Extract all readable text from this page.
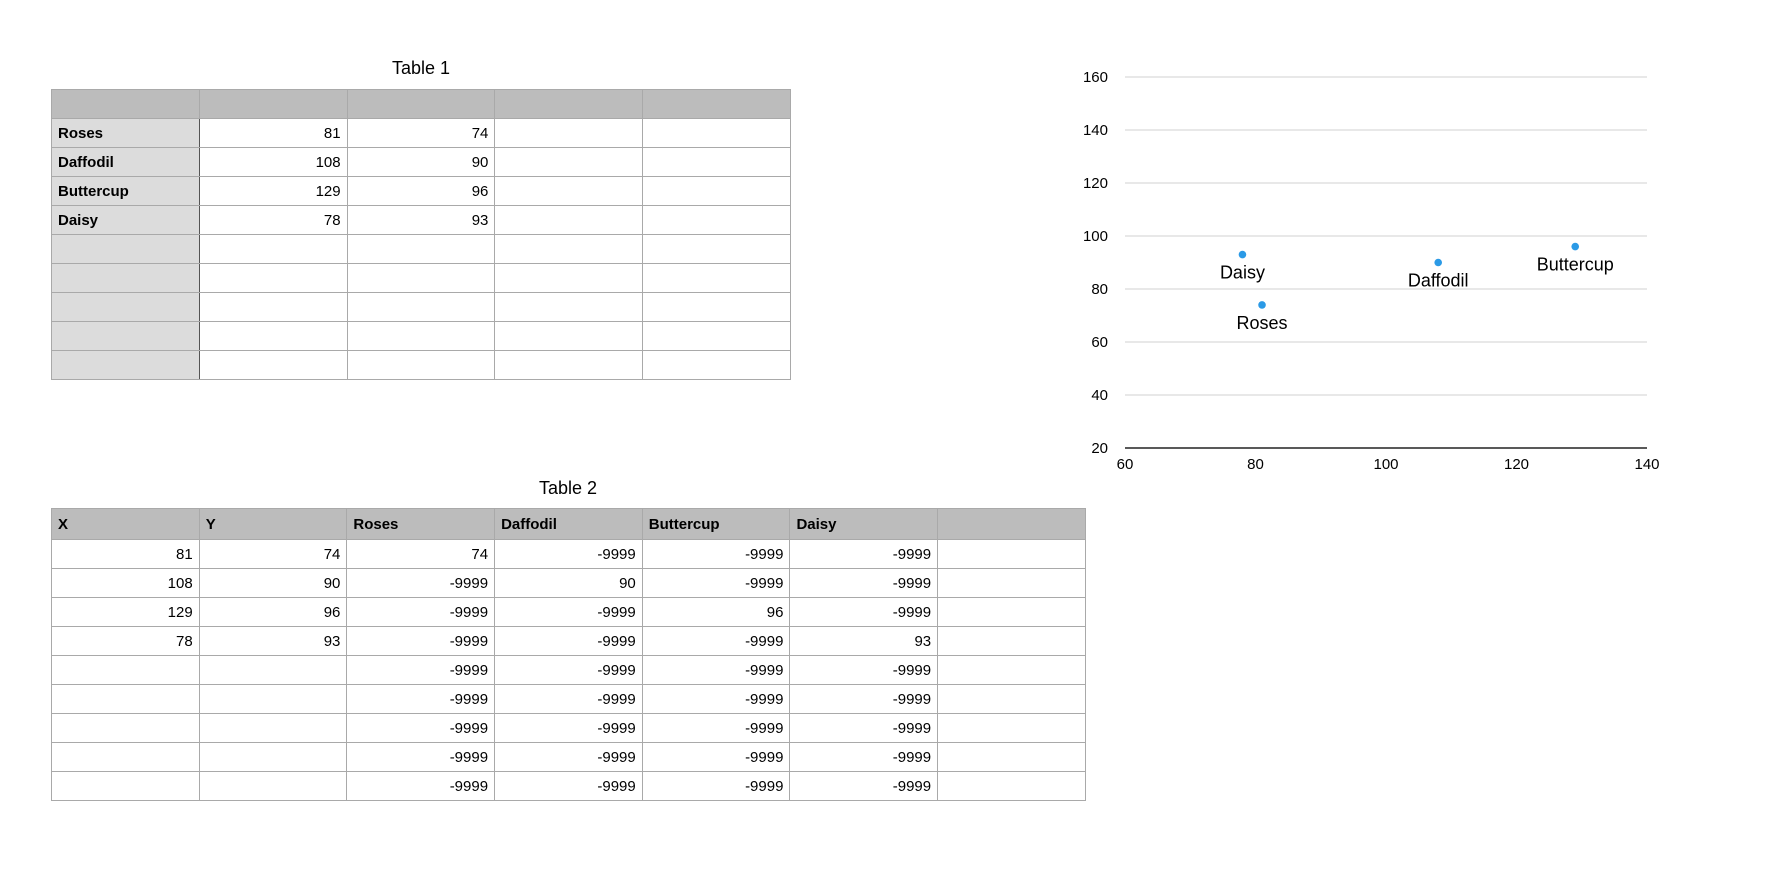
Table 1

Roses	81	74		
Daffodil	108	90		
Buttercup	129	96		
Daisy	78	93		

Table 2
X	Y	Roses	Daffodil	Buttercup	Daisy	
81	74	74	-9999	-9999	-9999	
108	90	-9999	90	-9999	-9999	
129	96	-9999	-9999	96	-9999	
78	93	-9999	-9999	-9999	93	
		-9999	-9999	-9999	-9999	
		-9999	-9999	-9999	-9999	
		-9999	-9999	-9999	-9999	
		-9999	-9999	-9999	-9999	
		-9999	-9999	-9999	-9999	
20
40
60
80
100
120
140
160
60	80	100	120	140
Roses
Daffodil
Buttercup
Daisy
